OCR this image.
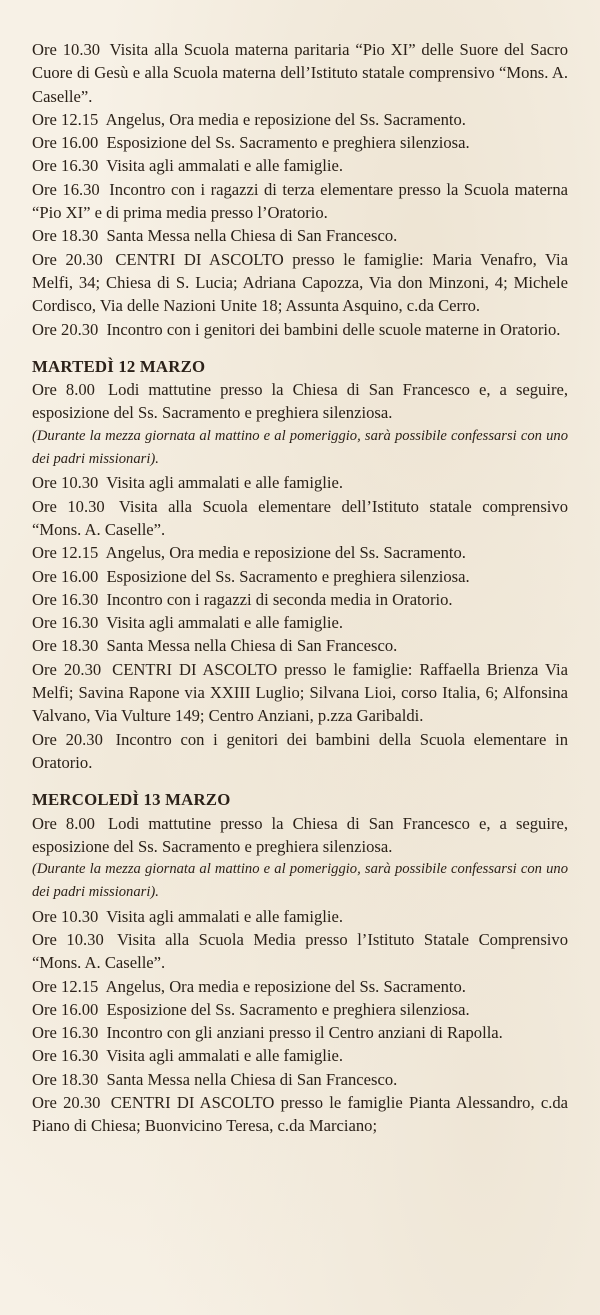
Ore 10.30 Visita alla Scuola materna paritaria “Pio XI” delle Suore del Sacro Cuore di Gesù e alla Scuola materna dell’Istituto statale comprensivo “Mons. A. Caselle”.

Ore 12.15 Angelus, Ora media e reposizione del Ss. Sacramento.

Ore 16.00 Esposizione del Ss. Sacramento e preghiera silenziosa.

Ore 16.30 Visita agli ammalati e alle famiglie.

Ore 16.30 Incontro con i ragazzi di terza elementare presso la Scuola materna “Pio XI” e di prima media presso l’Oratorio.

Ore 18.30 Santa Messa nella Chiesa di San Francesco.

Ore 20.30 CENTRI DI ASCOLTO presso le famiglie: Maria Venafro, Via Melfi, 34; Chiesa di S. Lucia; Adriana Capozza, Via don Minzoni, 4; Michele Cordisco, Via delle Nazioni Unite 18; Assunta Asquino, c.da Cerro.

Ore 20.30 Incontro con i genitori dei bambini delle scuole materne in Oratorio.

MARTEDÌ 12 MARZO

Ore 8.00 Lodi mattutine presso la Chiesa di San Francesco e, a seguire, esposizione del Ss. Sacramento e preghiera silenziosa.

(Durante la mezza giornata al mattino e al pomeriggio, sarà possibile confessarsi con uno dei padri missionari).

Ore 10.30 Visita agli ammalati e alle famiglie.

Ore 10.30 Visita alla Scuola elementare dell’Istituto statale comprensivo “Mons. A. Caselle”.

Ore 12.15 Angelus, Ora media e reposizione del Ss. Sacramento.

Ore 16.00 Esposizione del Ss. Sacramento e preghiera silenziosa.

Ore 16.30 Incontro con i ragazzi di seconda media in Oratorio.

Ore 16.30 Visita agli ammalati e alle famiglie.

Ore 18.30 Santa Messa nella Chiesa di San Francesco.

Ore 20.30 CENTRI DI ASCOLTO presso le famiglie: Raffaella Brienza Via Melfi; Savina Rapone via XXIII Luglio; Silvana Lioi, corso Italia, 6; Alfonsina Valvano, Via Vulture 149; Centro Anziani, p.zza Garibaldi.

Ore 20.30 Incontro con i genitori dei bambini della Scuola elementare in Oratorio.

MERCOLEDÌ 13 MARZO

Ore 8.00 Lodi mattutine presso la Chiesa di San Francesco e, a seguire, esposizione del Ss. Sacramento e preghiera silenziosa.

(Durante la mezza giornata al mattino e al pomeriggio, sarà possibile confessarsi con uno dei padri missionari).

Ore 10.30 Visita agli ammalati e alle famiglie.

Ore 10.30 Visita alla Scuola Media presso l’Istituto Statale Comprensivo “Mons. A. Caselle”.

Ore 12.15 Angelus, Ora media e reposizione del Ss. Sacramento.

Ore 16.00 Esposizione del Ss. Sacramento e preghiera silenziosa.

Ore 16.30 Incontro con gli anziani presso il Centro anziani di Rapolla.

Ore 16.30 Visita agli ammalati e alle famiglie.

Ore 18.30 Santa Messa nella Chiesa di San Francesco.

Ore 20.30 CENTRI DI ASCOLTO presso le famiglie Pianta Alessandro, c.da Piano di Chiesa; Buonvicino Teresa, c.da Marciano;
